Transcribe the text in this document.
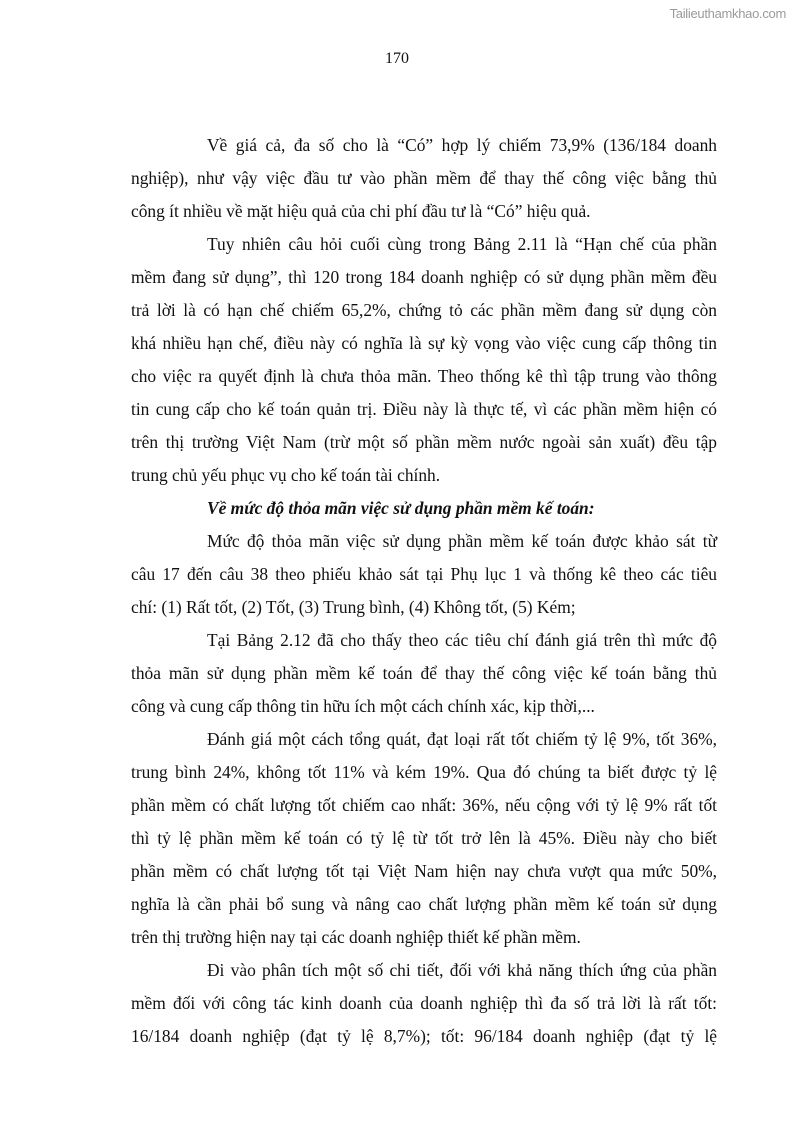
Tailieuthamkhao.com
170
Về giá cả, đa số cho là “Có” hợp lý chiếm 73,9% (136/184 doanh
nghiệp), như vậy việc đầu tư vào phần mềm để thay thế công việc bằng thủ
công ít nhiều về mặt hiệu quả của chi phí đầu tư là “Có” hiệu quả.
Tuy nhiên câu hỏi cuối cùng trong Bảng 2.11 là “Hạn chế của phần
mềm đang sử dụng”, thì 120 trong 184 doanh nghiệp có sử dụng phần mềm đều
trả lời là có hạn chế chiếm 65,2%, chứng tỏ các phần mềm đang sử dụng còn
khá nhiều hạn chế, điều này có nghĩa là sự kỳ vọng vào việc cung cấp thông tin
cho việc ra quyết định là chưa thỏa mãn. Theo thống kê thì tập trung vào thông
tin cung cấp cho kế toán quản trị. Điều này là thực tế, vì các phần mềm hiện có
trên thị trường Việt Nam (trừ một số phần mềm nước ngoài sản xuất) đều tập
trung chủ yếu phục vụ cho kế toán tài chính.
Về mức độ thỏa mãn việc sử dụng phần mềm kế toán:
Mức độ thỏa mãn việc sử dụng phần mềm kế toán được khảo sát từ
câu 17 đến câu 38 theo phiếu khảo sát tại Phụ lục 1 và thống kê theo các tiêu
chí: (1) Rất tốt, (2) Tốt, (3) Trung bình, (4) Không tốt, (5) Kém;
Tại Bảng 2.12 đã cho thấy theo các tiêu chí đánh giá trên thì mức độ
thỏa mãn sử dụng phần mềm kế toán để thay thế công việc kế toán bằng thủ
công và cung cấp thông tin hữu ích một cách chính xác, kịp thời,...
Đánh giá một cách tổng quát, đạt loại rất tốt chiếm tỷ lệ 9%, tốt 36%,
trung bình 24%, không tốt 11% và kém 19%. Qua đó chúng ta biết được tỷ lệ
phần mềm có chất lượng tốt chiếm cao nhất: 36%, nếu cộng với tỷ lệ 9% rất tốt
thì tỷ lệ phần mềm kế toán có tỷ lệ từ tốt trở lên là 45%. Điều này cho biết
phần mềm có chất lượng tốt tại Việt Nam hiện nay chưa vượt qua mức 50%,
nghĩa là cần phải bổ sung và nâng cao chất lượng phần mềm kế toán sử dụng
trên thị trường hiện nay tại các doanh nghiệp thiết kế phần mềm.
Đi vào phân tích một số chi tiết, đối với khả năng thích ứng của phần
mềm đối với công tác kinh doanh của doanh nghiệp thì đa số trả lời là rất tốt:
16/184 doanh nghiệp (đạt tỷ lệ 8,7%); tốt: 96/184 doanh nghiệp (đạt tỷ lệ
